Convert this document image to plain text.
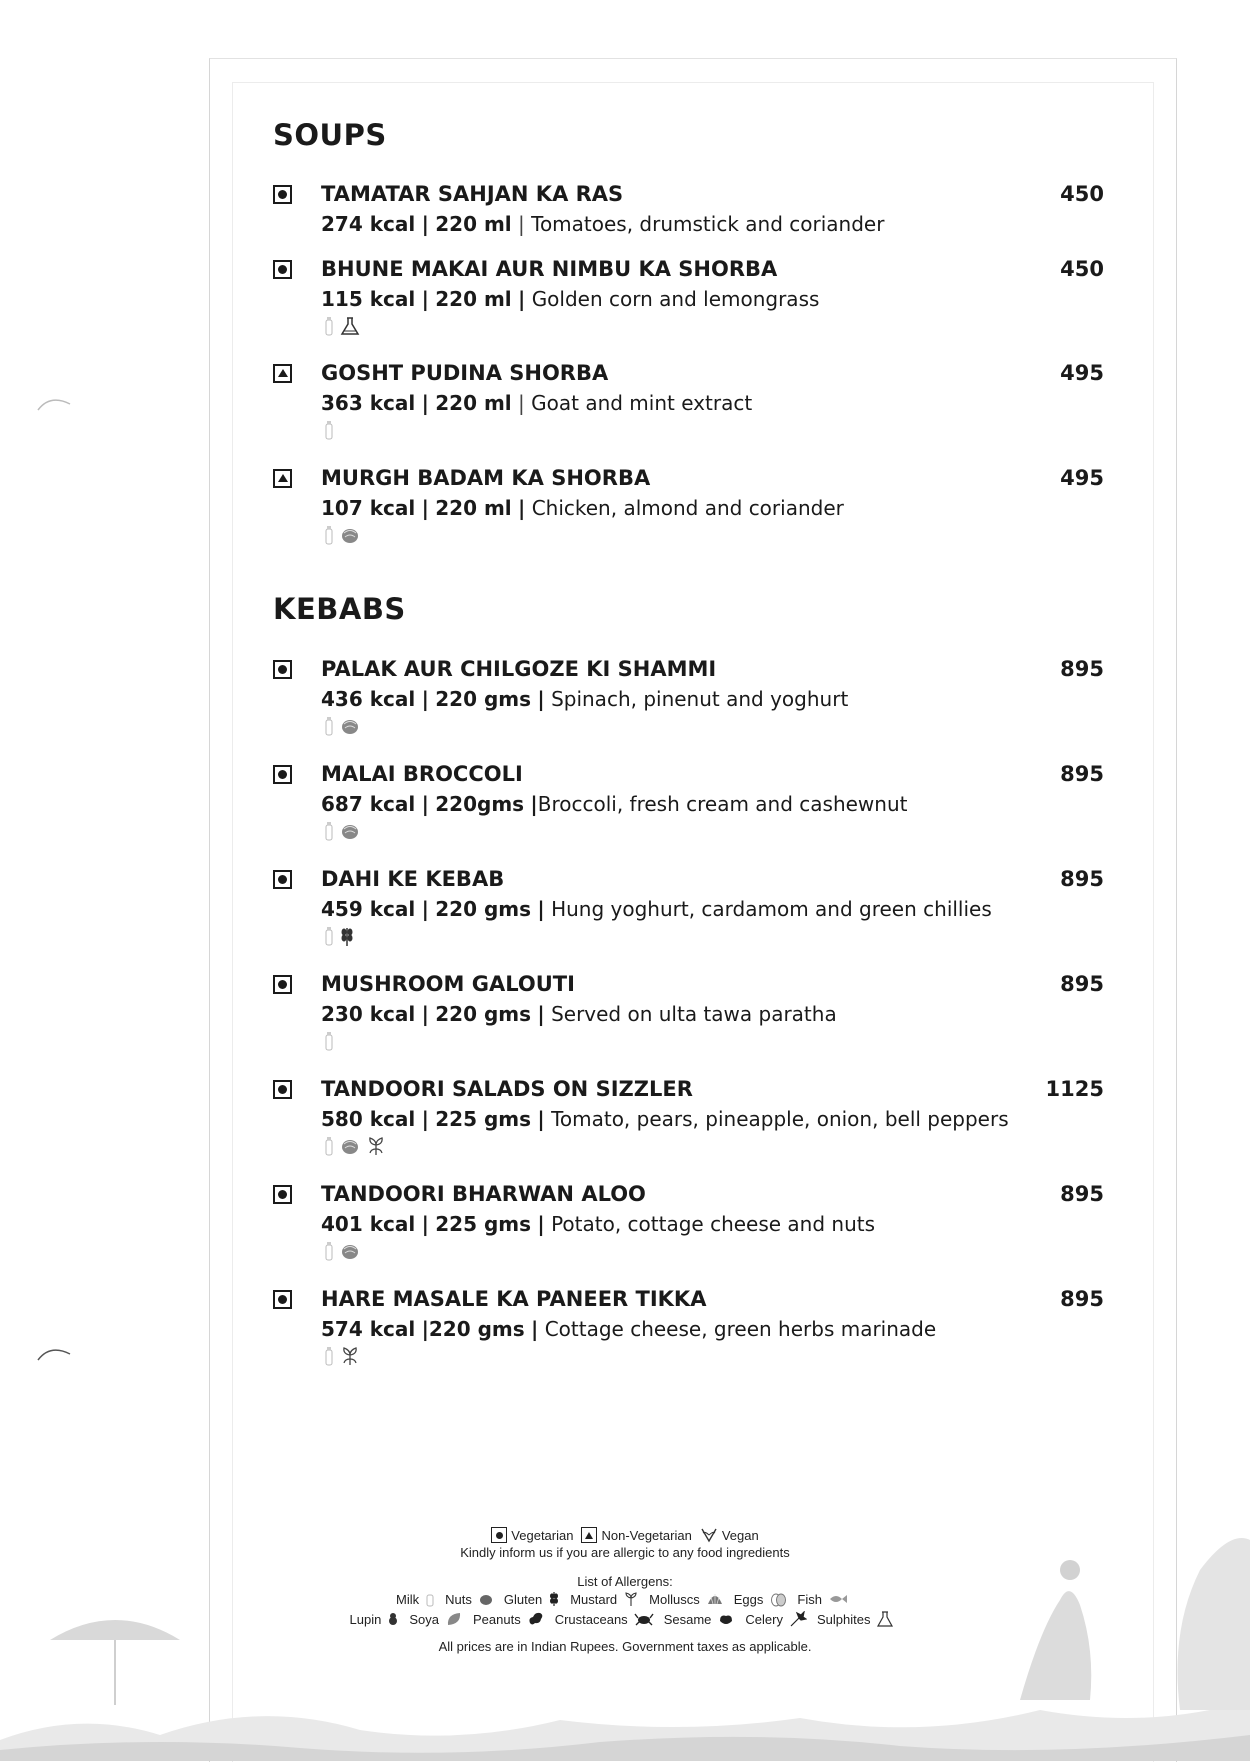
SOUPS
TAMATAR SAHJAN KA RAS	450
274 kcal | 220 ml | Tomatoes, drumstick and coriander
BHUNE MAKAI AUR NIMBU KA SHORBA	450
115 kcal | 220 ml | Golden corn and lemongrass
GOSHT PUDINA SHORBA	495
363 kcal | 220 ml | Goat and mint extract
MURGH BADAM KA SHORBA	495
107 kcal | 220 ml | Chicken, almond and coriander
KEBABS
PALAK AUR CHILGOZE KI SHAMMI	895
436 kcal | 220 gms | Spinach, pinenut and yoghurt
MALAI BROCCOLI	895
687 kcal | 220gms |Broccoli, fresh cream and cashewnut
DAHI KE KEBAB	895
459 kcal | 220 gms | Hung yoghurt, cardamom and green chillies
MUSHROOM GALOUTI	895
230 kcal | 220 gms | Served on ulta tawa paratha
TANDOORI SALADS ON SIZZLER	1125
580 kcal | 225 gms | Tomato, pears, pineapple, onion, bell peppers
TANDOORI BHARWAN ALOO	895
401 kcal | 225 gms | Potato, cottage cheese and nuts
HARE MASALE KA PANEER TIKKA	895
574 kcal |220 gms | Cottage cheese, green herbs marinade
Vegetarian Non-Vegetarian Vegan
Kindly inform us if you are allergic to any food ingredients
List of Allergens:
Milk Nuts Gluten Mustard Molluscs	Eggs	Fish
Lupin Soya	Peanuts	Crustaceans	Sesame	Celery	Sulphites
All prices are in Indian Rupees. Government taxes as applicable.
